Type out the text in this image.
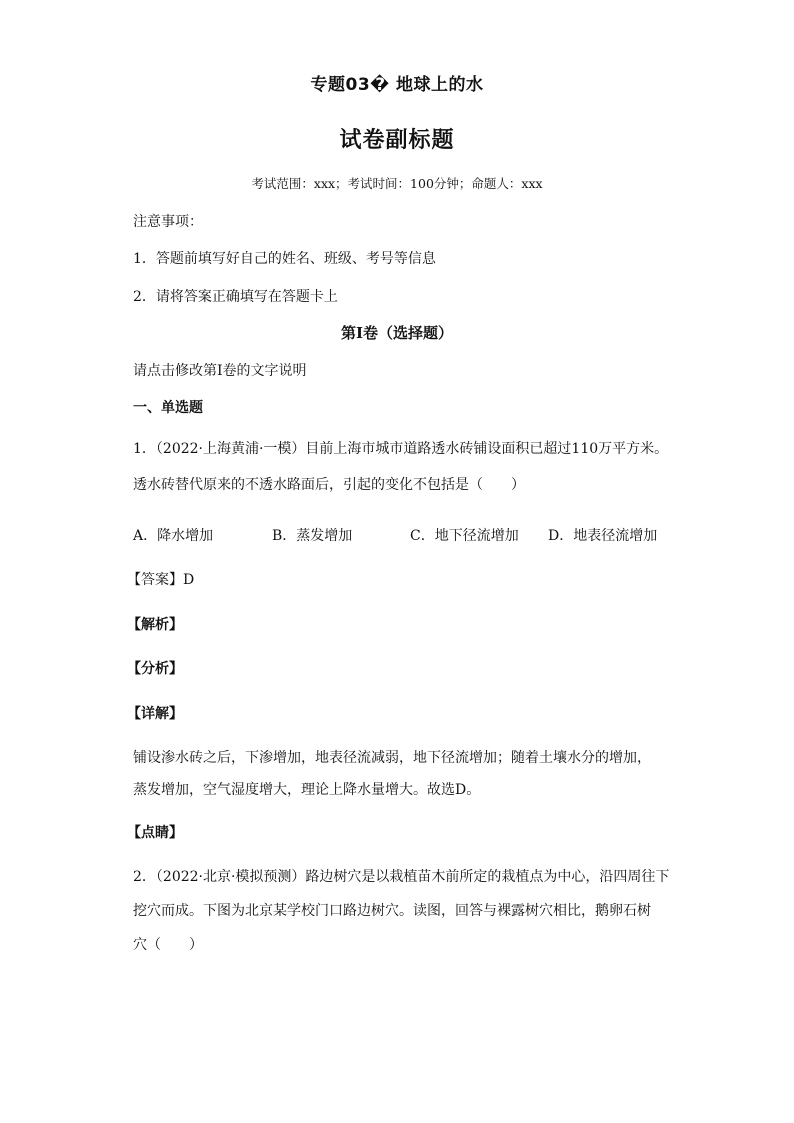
专题03� 地球上的水
试卷副标题
考试范围：xxx；考试时间：100分钟；命题人：xxx
注意事项：
1．答题前填写好自己的姓名、班级、考号等信息
2．请将答案正确填写在答题卡上
第I卷（选择题）
请点击修改第I卷的文字说明
一、单选题
1．（2022·上海黄浦·一模）目前上海市城市道路透水砖铺设面积已超过110万平方米。
透水砖替代原来的不透水路面后，引起的变化不包括是（　　）
A．降水增加	B．蒸发增加	C．地下径流增加 D．地表径流增加
【答案】D
【解析】
【分析】
【详解】
铺设渗水砖之后，下渗增加，地表径流减弱，地下径流增加；随着土壤水分的增加，
蒸发增加，空气湿度增大，理论上降水量增大。故选D。
【点睛】
2．（2022·北京·模拟预测）路边树穴是以栽植苗木前所定的栽植点为中心，沿四周往下
挖穴而成。下图为北京某学校门口路边树穴。读图，回答与裸露树穴相比，鹅卵石树
穴（　　）
